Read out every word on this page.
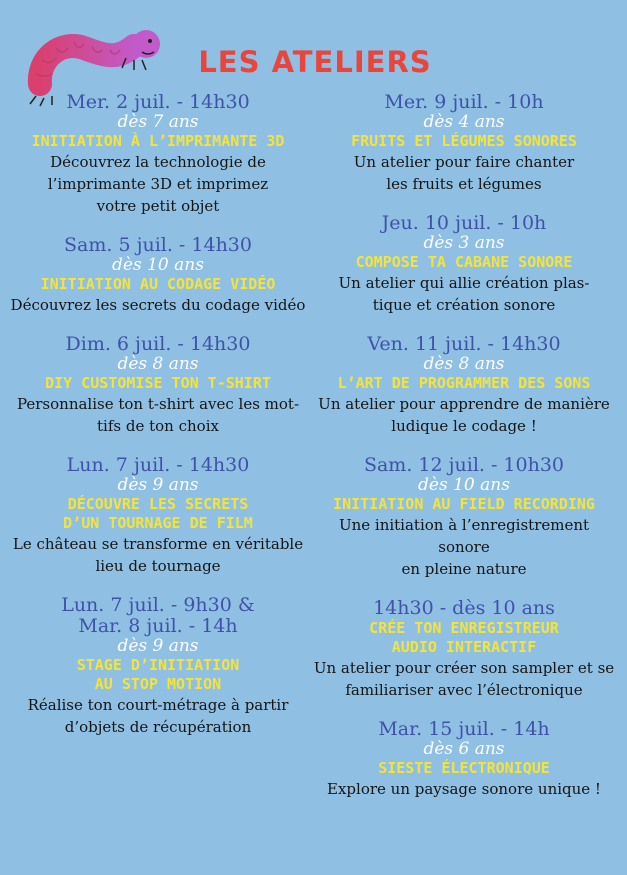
LES ATELIERS
Mer. 2 juil. - 14h30
dès 7 ans
INITIATION À L’IMPRIMANTE 3D
Découvrez la technologie de
l’imprimante 3D et imprimez
votre petit objet
Sam. 5 juil. - 14h30
dès 10 ans
INITIATION AU CODAGE VIDÉO
Découvrez les secrets du codage vidéo
Dim. 6 juil. - 14h30
dès 8 ans
DIY CUSTOMISE TON T-SHIRT
Personnalise ton t-shirt avec les mot-
tifs de ton choix
Lun. 7 juil. - 14h30
dès 9 ans
DÉCOUVRE LES SECRETS
D’UN TOURNAGE DE FILM
Le château se transforme en véritable
lieu de tournage
Lun. 7 juil. - 9h30 &
Mar. 8 juil. - 14h
dès 9 ans
STAGE D’INITIATION
AU STOP MOTION
Réalise ton court-métrage à partir
d’objets de récupération
Mer. 9 juil. - 10h
dès 4 ans
FRUITS ET LÉGUMES SONORES
Un atelier pour faire chanter
les fruits et légumes
Jeu. 10 juil. - 10h
dès 3 ans
COMPOSE TA CABANE SONORE
Un atelier qui allie création plas-
tique et création sonore
Ven. 11 juil. - 14h30
dès 8 ans
L’ART DE PROGRAMMER DES SONS
Un atelier pour apprendre de manière
ludique le codage !
Sam. 12 juil. - 10h30
dès 10 ans
INITIATION AU FIELD RECORDING
Une initiation à l’enregistrement sonore
en pleine nature
14h30 - dès 10 ans
CRÉE TON ENREGISTREUR
AUDIO INTERACTIF
Un atelier pour créer son sampler et se
familiariser avec l’électronique
Mar. 15 juil. - 14h
dès 6 ans
SIESTE ÉLECTRONIQUE
Explore un paysage sonore unique !
